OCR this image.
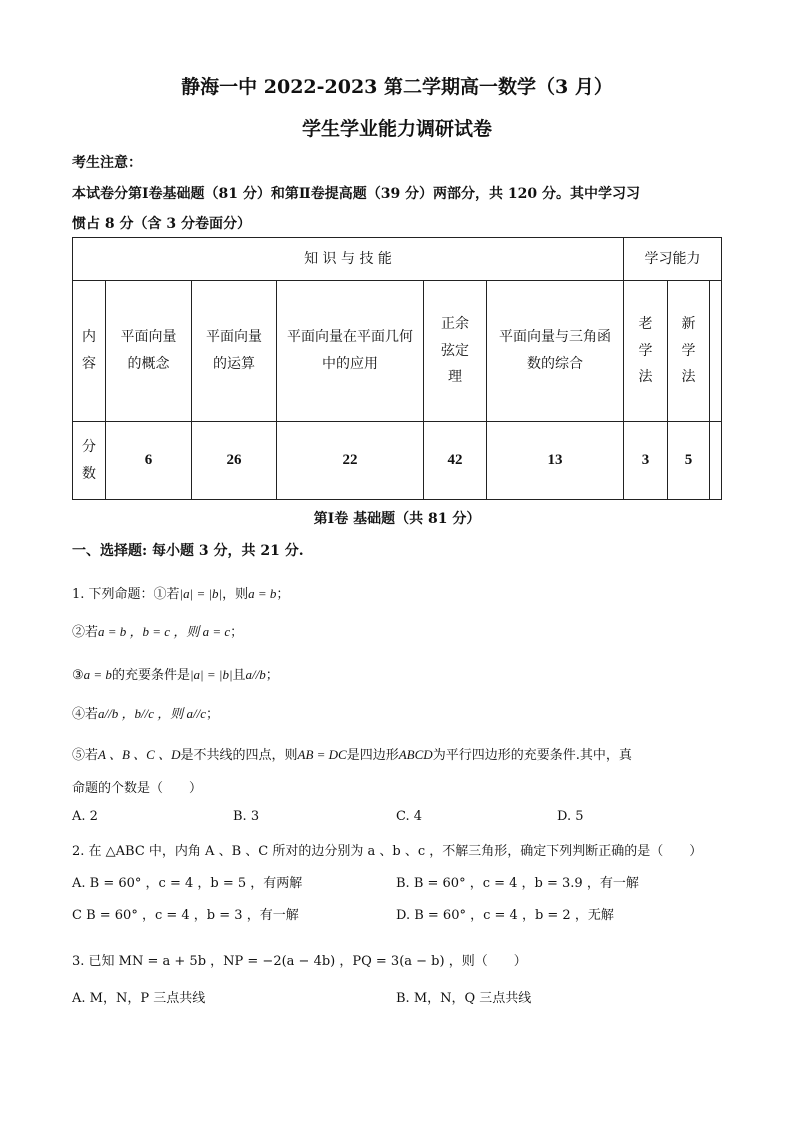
静海一中 2022-2023 第二学期高一数学（3 月）
学生学业能力调研试卷
考生注意：
本试卷分第Ⅰ卷基础题（81 分）和第Ⅱ卷提高题（39 分）两部分，共 120 分。其中学习习
惯占 8 分（含 3 分卷面分）
知 识 与 技 能						学习能力		
内容	平面向量的概念	平面向量的运算	平面向量在平面几何中的应用	正余弦定理	平面向量与三角函数的综合	老学法	新学法	
分数	6	26	22	42	13	3	5	
第Ⅰ卷 基础题（共 81 分）
一、选择题: 每小题 3 分，共 21 分.
1. 下列命题：①若|a| = |b|，则a = b；
②若a = b ，b = c ，则 a = c；
③a = b的充要条件是|a| = |b|且a//b；
④若a//b ，b//c ，则 a//c；
⑤若A 、B 、C 、D是不共线的四点，则AB = DC是四边形ABCD为平行四边形的充要条件.其中，真
命题的个数是（　　）
A. 2	B. 3	C. 4	D. 5
2. 在 △ABC 中，内角 A 、B 、C 所对的边分别为 a 、b 、c ，不解三角形，确定下列判断正确的是（　　）
A. B = 60° ，c = 4 ，b = 5 ，有两解	B. B = 60° ，c = 4 ，b = 3.9 ，有一解
C B = 60° ，c = 4 ，b = 3 ，有一解	D. B = 60° ，c = 4 ，b = 2 ，无解
3. 已知 MN = a + 5b ，NP = −2(a − 4b) ，PQ = 3(a − b) ，则（　　）
A. M，N，P 三点共线	B. M，N，Q 三点共线
